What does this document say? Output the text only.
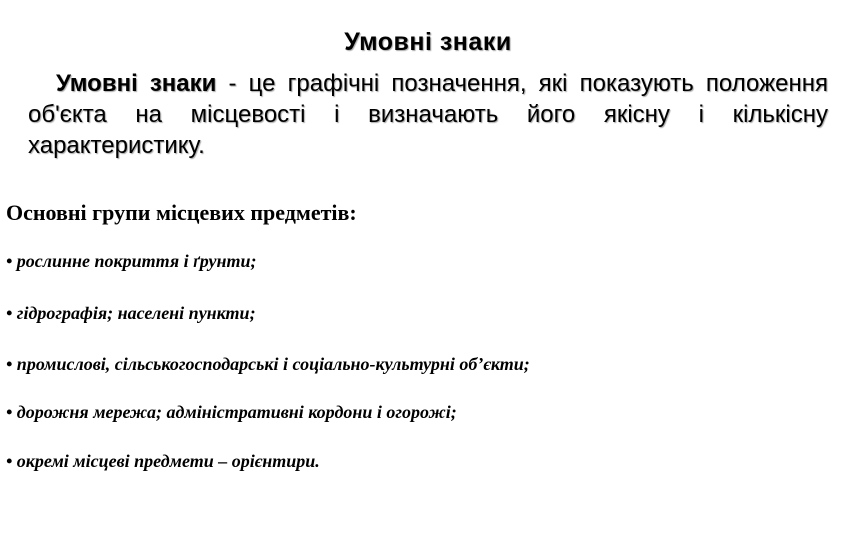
Умовні знаки
Умовні знаки - це графічні позначення, які показують положення об'єкта на місцевості і визначають його якісну і кількісну характеристику.
Основні групи місцевих предметів:
• рослинне покриття і ґрунти;
• гідрографія; населені пункти;
• промислові, сільськогосподарські і соціально-культурні об’єкти;
• дорожня мережа; адміністративні кордони і огорожі;
• окремі місцеві предмети – орієнтири.
